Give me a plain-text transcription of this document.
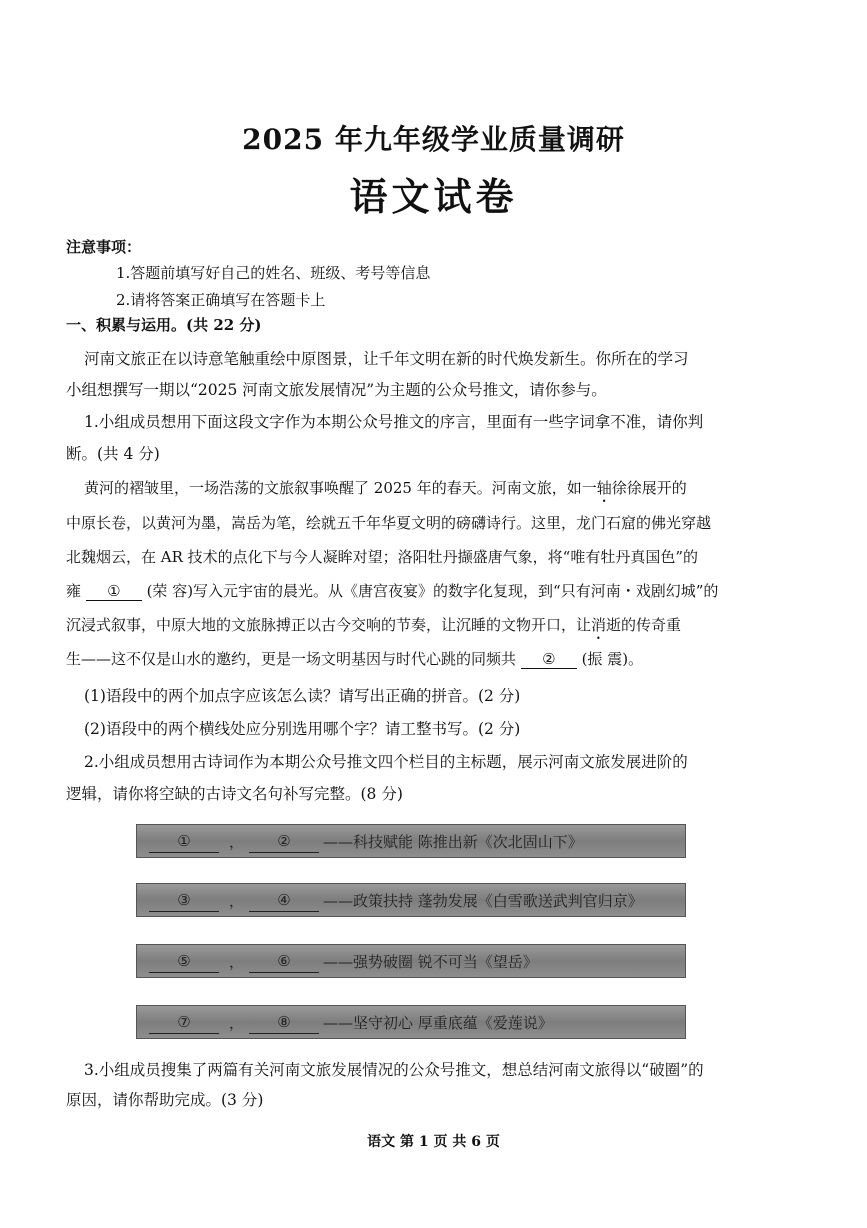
2025 年九年级学业质量调研
语文试卷
注意事项：
1.答题前填写好自己的姓名、班级、考号等信息
2.请将答案正确填写在答题卡上
一、积累与运用。(共 22 分)
河南文旅正在以诗意笔触重绘中原图景，让千年文明在新的时代焕发新生。你所在的学习
小组想撰写一期以“2025 河南文旅发展情况”为主题的公众号推文，请你参与。
1.小组成员想用下面这段文字作为本期公众号推文的序言，里面有一些字词拿不准，请你判
断。(共 4 分)
黄河的褶皱里，一场浩荡的文旅叙事唤醒了 2025 年的春天。河南文旅，如一轴徐徐展开的
中原长卷，以黄河为墨，嵩岳为笔，绘就五千年华夏文明的磅礴诗行。这里，龙门石窟的佛光穿越
北魏烟云，在 AR 技术的点化下与今人凝眸对望；洛阳牡丹撷盛唐气象，将“唯有牡丹真国色”的
雍 ① (荣 容)写入元宇宙的晨光。从《唐宫夜宴》的数字化复现，到“只有河南・戏剧幻城”的
沉浸式叙事，中原大地的文旅脉搏正以古今交响的节奏，让沉睡的文物开口，让消逝的传奇重
生——这不仅是山水的邀约，更是一场文明基因与时代心跳的同频共 ② (振 震)。
(1)语段中的两个加点字应该怎么读？请写出正确的拼音。(2 分)
(2)语段中的两个横线处应分别选用哪个字？请工整书写。(2 分)
2.小组成员想用古诗词作为本期公众号推文四个栏目的主标题，展示河南文旅发展进阶的
逻辑，请你将空缺的古诗文名句补写完整。(8 分)
①	，	②	——科技赋能 陈推出新《次北固山下》
③	，	④	——政策扶持 蓬勃发展《白雪歌送武判官归京》
⑤	，	⑥	——强势破圈 锐不可当《望岳》
⑦	，	⑧	——坚守初心 厚重底蕴《爱莲说》
3.小组成员搜集了两篇有关河南文旅发展情况的公众号推文，想总结河南文旅得以“破圈”的
原因，请你帮助完成。(3 分)
语文 第 1 页 共 6 页
